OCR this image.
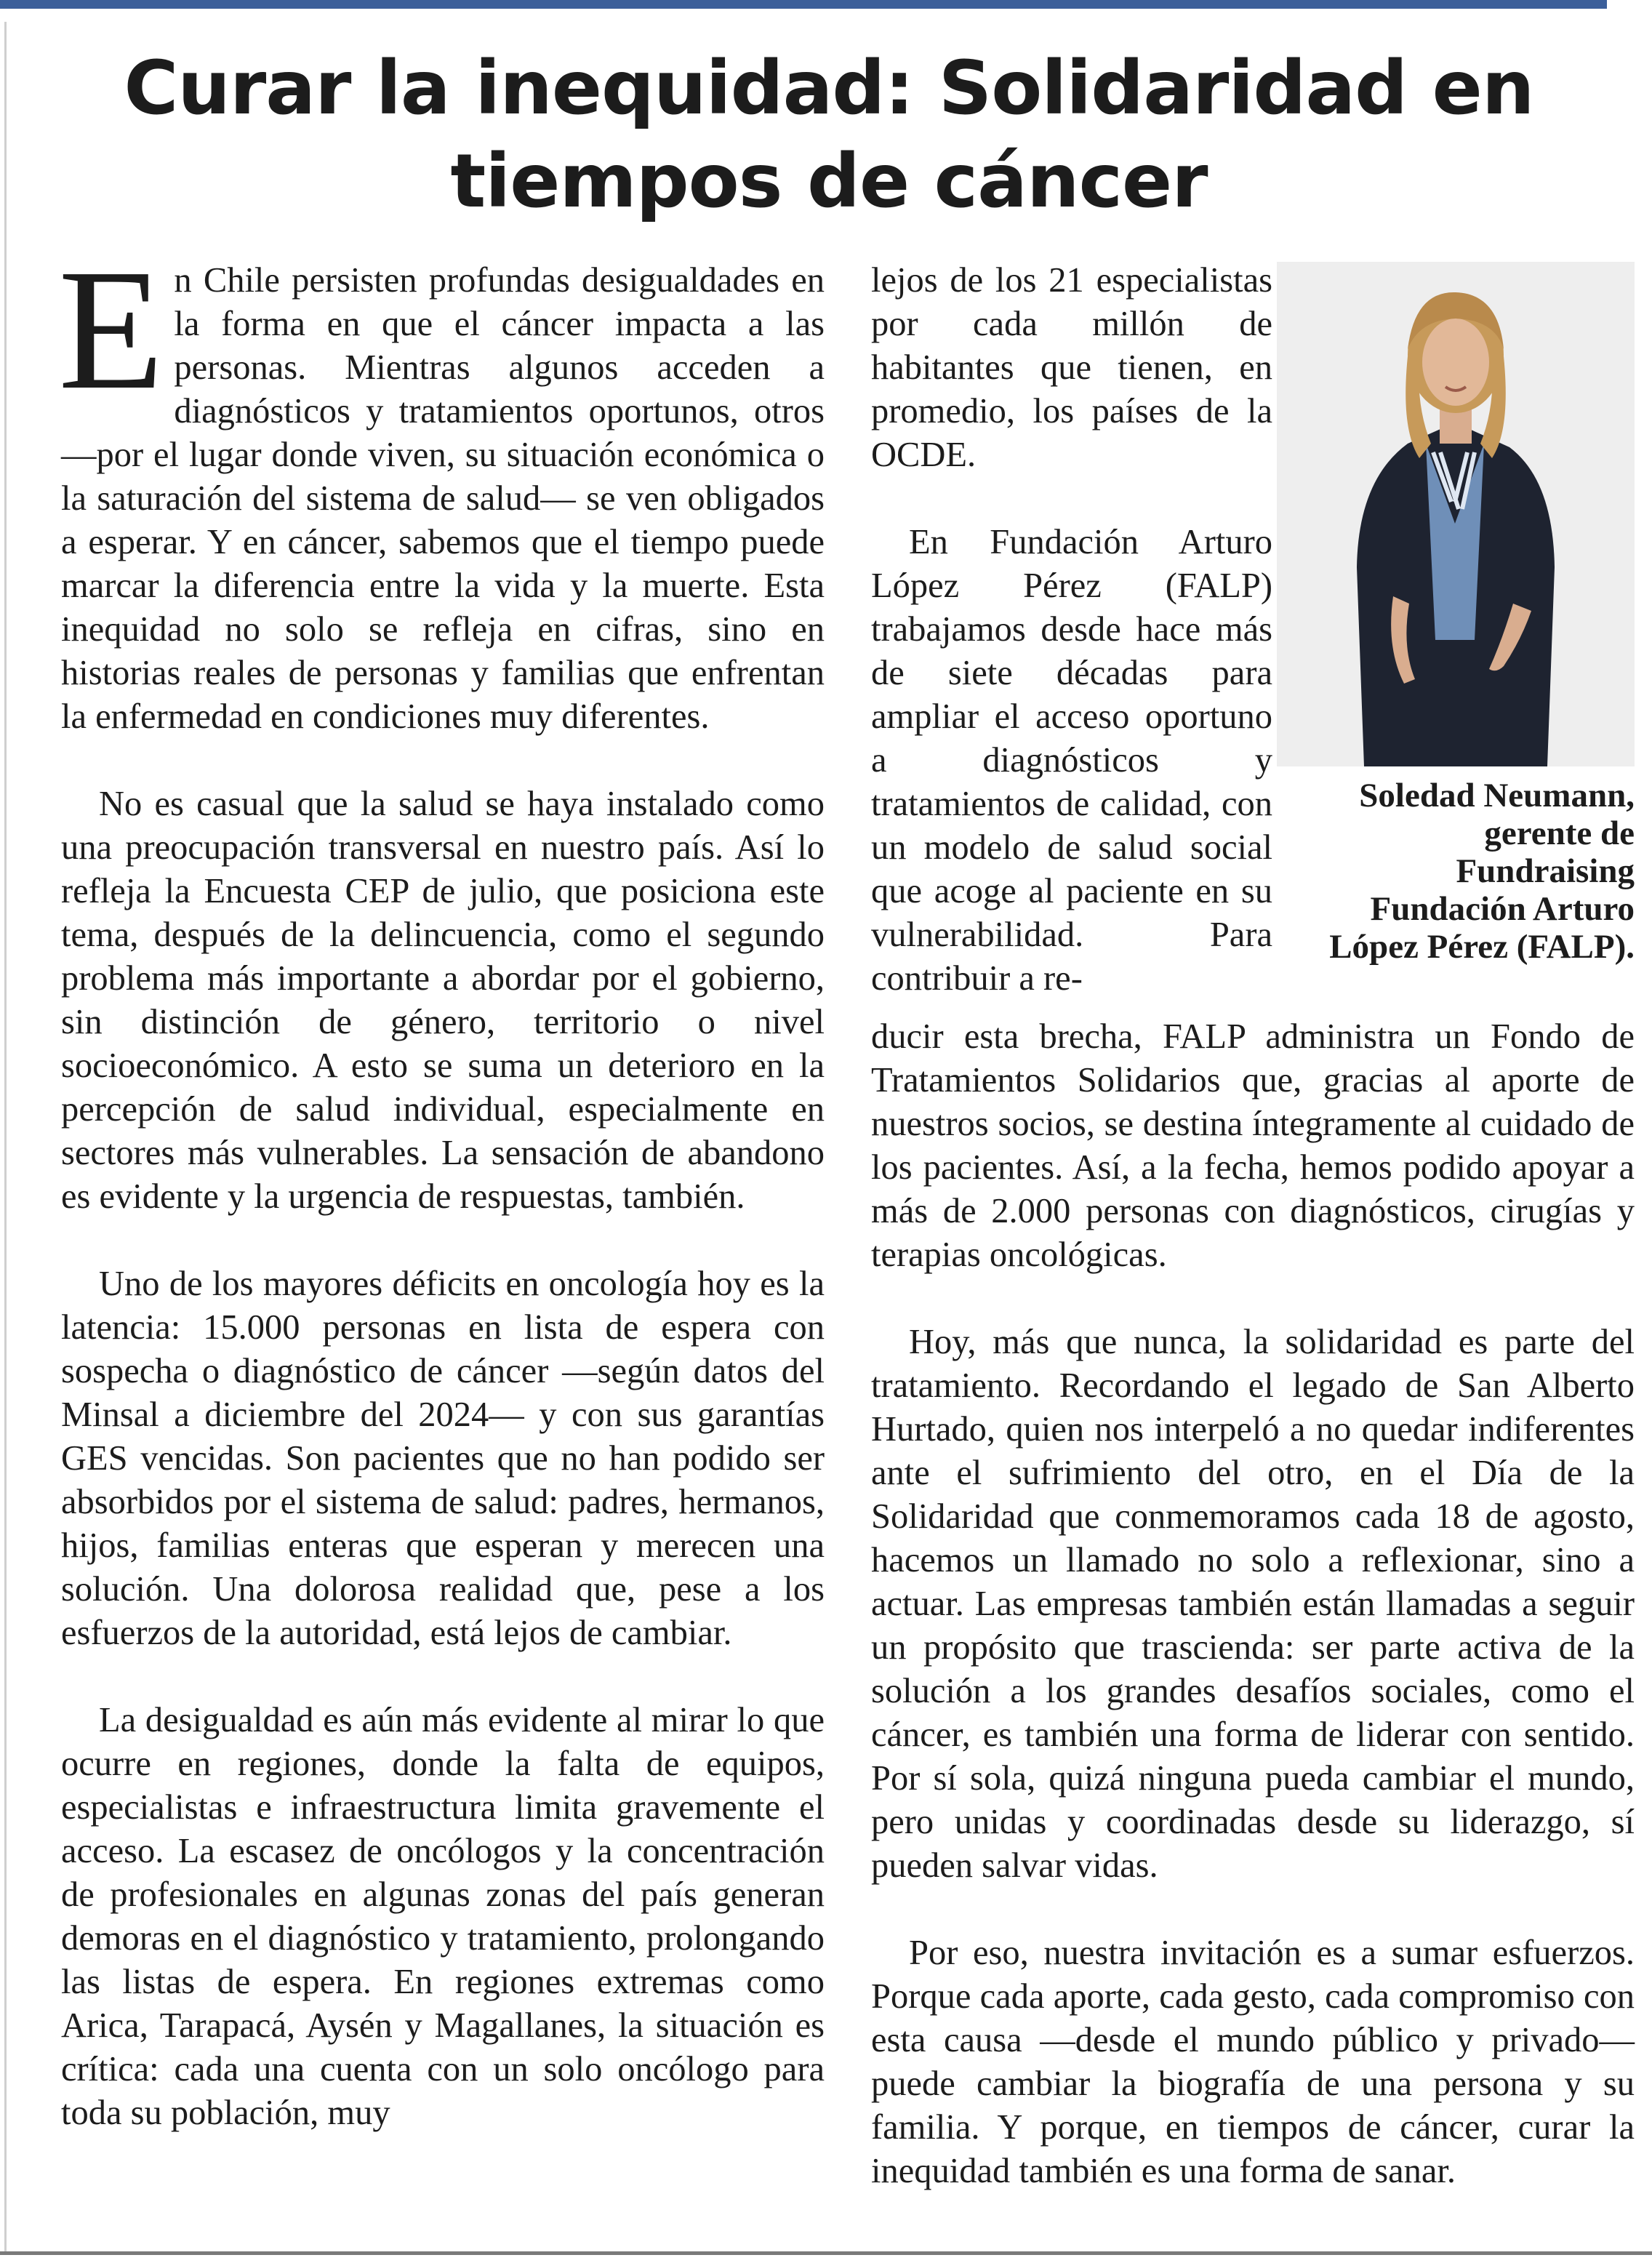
Curar la inequidad: Solidaridad en tiempos de cáncer

En Chile persisten profundas desigualdades en la forma en que el cáncer impacta a las personas. Mientras algunos acceden a diagnósticos y tratamientos oportunos, otros —por el lugar donde viven, su situación económica o la saturación del sistema de salud— se ven obligados a esperar. Y en cáncer, sabemos que el tiempo puede marcar la diferencia entre la vida y la muerte. Esta inequidad no solo se refleja en cifras, sino en historias reales de personas y familias que enfrentan la enfermedad en condiciones muy diferentes.

No es casual que la salud se haya instalado como una preocupación transversal en nuestro país. Así lo refleja la Encuesta CEP de julio, que posiciona este tema, después de la delincuencia, como el segundo problema más importante a abordar por el gobierno, sin distinción de género, territorio o nivel socioeconómico. A esto se suma un deterioro en la percepción de salud individual, especialmente en sectores más vulnerables. La sensación de abandono es evidente y la urgencia de respuestas, también.

Uno de los mayores déficits en oncología hoy es la latencia: 15.000 personas en lista de espera con sospecha o diagnóstico de cáncer —según datos del Minsal a diciembre del 2024— y con sus garantías GES vencidas. Son pacientes que no han podido ser absorbidos por el sistema de salud: padres, hermanos, hijos, familias enteras que esperan y merecen una solución. Una dolorosa realidad que, pese a los esfuerzos de la autoridad, está lejos de cambiar.

La desigualdad es aún más evidente al mirar lo que ocurre en regiones, donde la falta de equipos, especialistas e infraestructura limita gravemente el acceso. La escasez de oncólogos y la concentración de profesionales en algunas zonas del país generan demoras en el diagnóstico y tratamiento, prolongando las listas de espera. En regiones extremas como Arica, Tarapacá, Aysén y Magallanes, la situación es crítica: cada una cuenta con un solo oncólogo para toda su población, muy

lejos de los 21 especialistas por cada millón de habitantes que tienen, en promedio, los países de la OCDE.

En Fundación Arturo López Pérez (FALP) trabajamos desde hace más de siete décadas para ampliar el acceso oportuno a diagnósticos y tratamientos de calidad, con un modelo de salud social que acoge al paciente en su vulnerabilidad. Para contribuir a re-

Soledad Neumann,
gerente de
Fundraising
Fundación Arturo
López Pérez (FALP).

ducir esta brecha, FALP administra un Fondo de Tratamientos Solidarios que, gracias al aporte de nuestros socios, se destina íntegramente al cuidado de los pacientes. Así, a la fecha, hemos podido apoyar a más de 2.000 personas con diagnósticos, cirugías y terapias oncológicas.

Hoy, más que nunca, la solidaridad es parte del tratamiento. Recordando el legado de San Alberto Hurtado, quien nos interpeló a no quedar indiferentes ante el sufrimiento del otro, en el Día de la Solidaridad que conmemoramos cada 18 de agosto, hacemos un llamado no solo a reflexionar, sino a actuar. Las empresas también están llamadas a seguir un propósito que trascienda: ser parte activa de la solución a los grandes desafíos sociales, como el cáncer, es también una forma de liderar con sentido. Por sí sola, quizá ninguna pueda cambiar el mundo, pero unidas y coordinadas desde su liderazgo, sí pueden salvar vidas.

Por eso, nuestra invitación es a sumar esfuerzos. Porque cada aporte, cada gesto, cada compromiso con esta causa —desde el mundo público y privado— puede cambiar la biografía de una persona y su familia. Y porque, en tiempos de cáncer, curar la inequidad también es una forma de sanar.
